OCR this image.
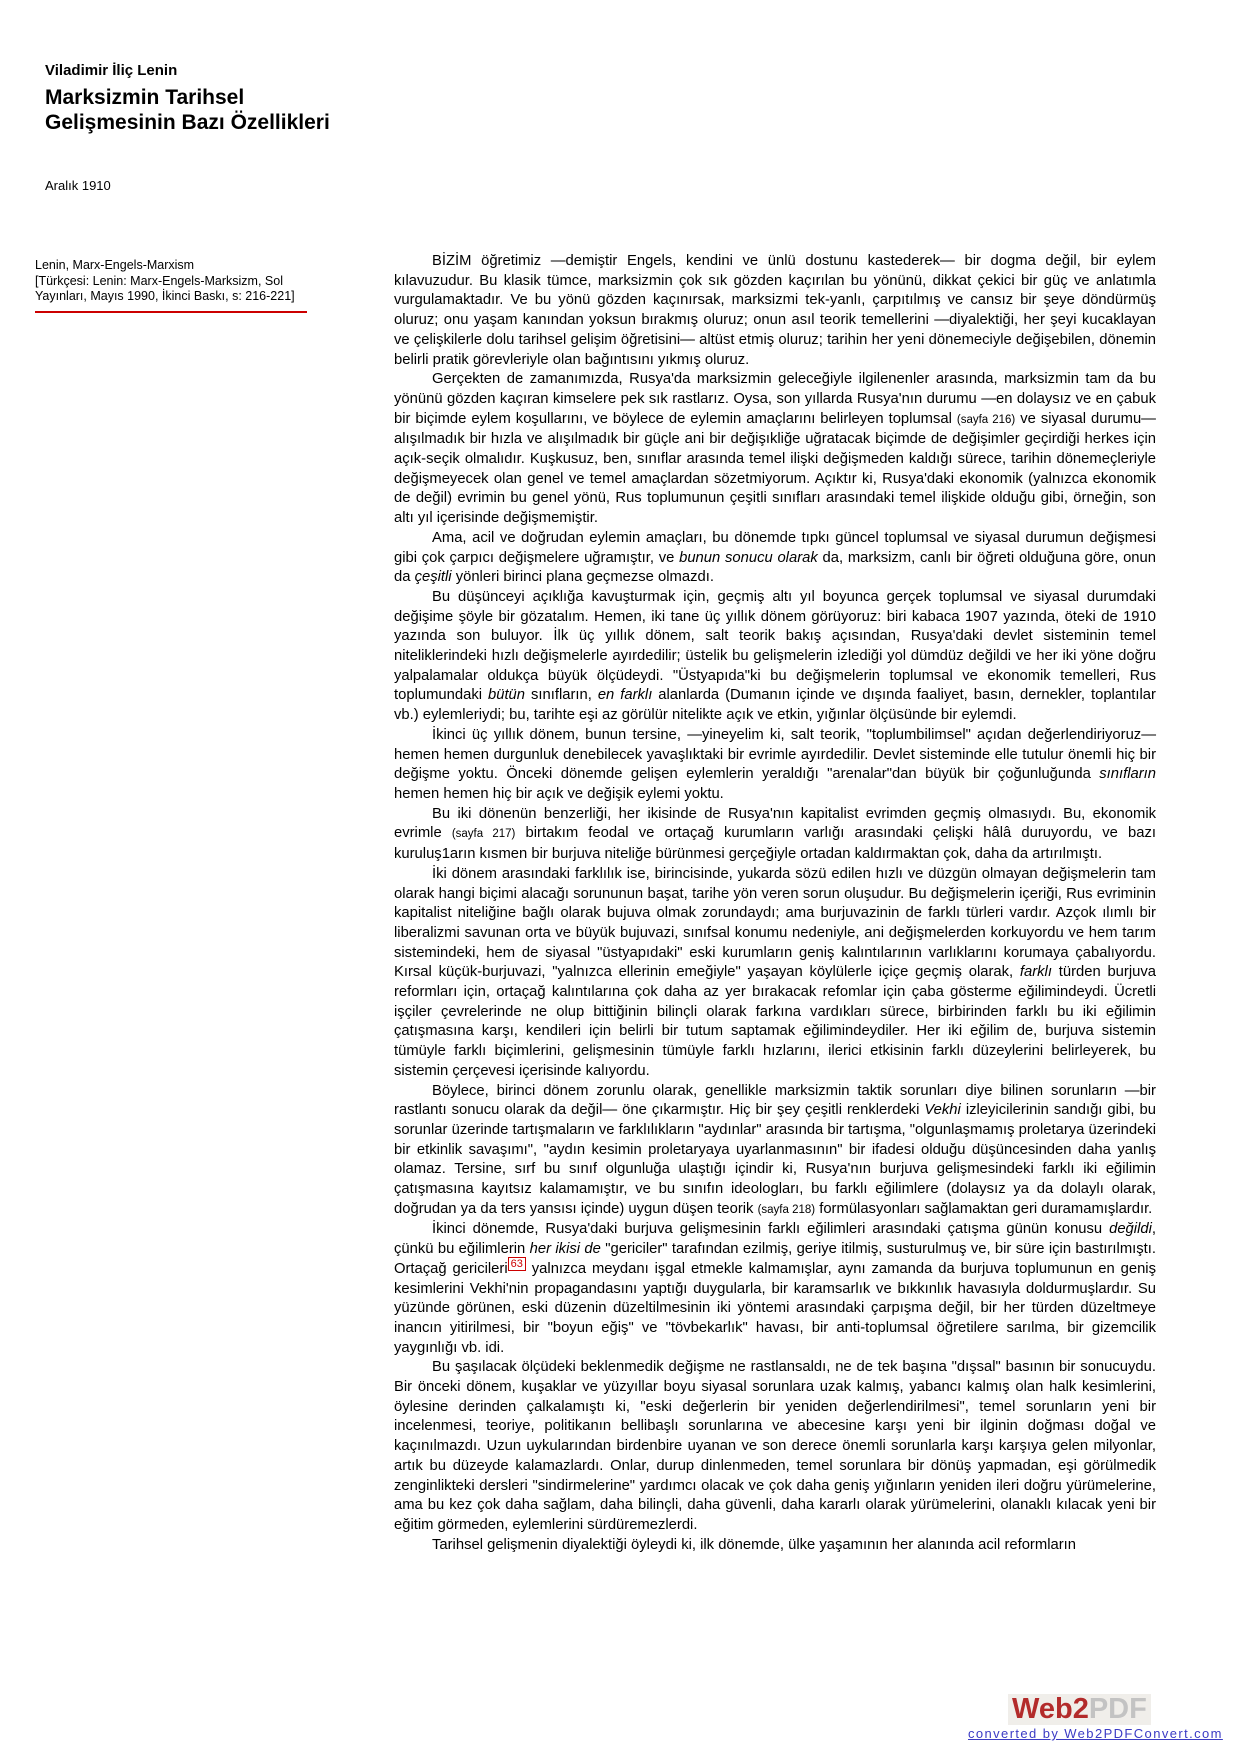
Viladimir İliç Lenin
Marksizmin Tarihsel
Gelişmesinin Bazı Özellikleri
Aralık 1910
Lenin, Marx-Engels-Marxism
[Türkçesi: Lenin: Marx-Engels-Marksizm, Sol
Yayınları, Mayıs 1990, İkinci Baskı, s: 216-221]

BİZİM öğretimiz —demiştir Engels, kendini ve ünlü dostunu kastederek— bir dogma değil, bir eylem kılavuzudur. Bu klasik tümce, marksizmin çok sık gözden kaçırılan bu yönünü, dikkat çekici bir güç ve anlatımla vurgulamaktadır. Ve bu yönü gözden kaçınırsak, marksizmi tek-yanlı, çarpıtılmış ve cansız bir şeye döndürmüş oluruz; onu yaşam kanından yoksun bırakmış oluruz; onun asıl teorik temellerini —diyalektiği, her şeyi kucaklayan ve çelişkilerle dolu tarihsel gelişim öğretisini— altüst etmiş oluruz; tarihin her yeni dönemeciyle değişebilen, dönemin belirli pratik görevleriyle olan bağıntısını yıkmış oluruz.

Gerçekten de zamanımızda, Rusya'da marksizmin geleceğiyle ilgilenenler arasında, marksizmin tam da bu yönünü gözden kaçıran kimselere pek sık rastlarız. Oysa, son yıllarda Rusya'nın durumu —en dolaysız ve en çabuk bir biçimde eylem koşullarını, ve böylece de eylemin amaçlarını belirleyen toplumsal (sayfa 216) ve siyasal durumu— alışılmadık bir hızla ve alışılmadık bir güçle ani bir değişıkliğe uğratacak biçimde de değişimler geçirdiği herkes için açık-seçik olmalıdır. Kuşkusuz, ben, sınıflar arasında temel ilişki değişmeden kaldığı sürece, tarihin dönemeçleriyle değişmeyecek olan genel ve temel amaçlardan sözetmiyorum. Açıktır ki, Rusya'daki ekonomik (yalnızca ekonomik de değil) evrimin bu genel yönü, Rus toplumunun çeşitli sınıfları arasındaki temel ilişkide olduğu gibi, örneğin, son altı yıl içerisinde değişmemiştir.

Ama, acil ve doğrudan eylemin amaçları, bu dönemde tıpkı güncel toplumsal ve siyasal durumun değişmesi gibi çok çarpıcı değişmelere uğramıştır, ve bunun sonucu olarak da, marksizm, canlı bir öğreti olduğuna göre, onun da çeşitli yönleri birinci plana geçmezse olmazdı.

Bu düşünceyi açıklığa kavuşturmak için, geçmiş altı yıl boyunca gerçek toplumsal ve siyasal durumdaki değişime şöyle bir gözatalım. Hemen, iki tane üç yıllık dönem görüyoruz: biri kabaca 1907 yazında, öteki de 1910 yazında son buluyor. İlk üç yıllık dönem, salt teorik bakış açısından, Rusya'daki devlet sisteminin temel niteliklerindeki hızlı değişmelerle ayırdedilir; üstelik bu gelişmelerin izlediği yol dümdüz değildi ve her iki yöne doğru yalpalamalar oldukça büyük ölçüdeydi. "Üstyapıda"ki bu değişmelerin toplumsal ve ekonomik temelleri, Rus toplumundaki bütün sınıfların, en farklı alanlarda (Dumanın içinde ve dışında faaliyet, basın, dernekler, toplantılar vb.) eylemleriydi; bu, tarihte eşi az görülür nitelikte açık ve etkin, yığınlar ölçüsünde bir eylemdi.

İkinci üç yıllık dönem, bunun tersine, —yineyelim ki, salt teorik, "toplumbilimsel" açıdan değerlendiriyoruz— hemen hemen durgunluk denebilecek yavaşlıktaki bir evrimle ayırdedilir. Devlet sisteminde elle tutulur önemli hiç bir değişme yoktu. Önceki dönemde gelişen eylemlerin yeraldığı "arenalar"dan büyük bir çoğunluğunda sınıfların hemen hemen hiç bir açık ve değişik eylemi yoktu.

Bu iki dönenün benzerliği, her ikisinde de Rusya'nın kapitalist evrimden geçmiş olmasıydı. Bu, ekonomik evrimle (sayfa 217) birtakım feodal ve ortaçağ kurumların varlığı arasındaki çelişki hâlâ duruyordu, ve bazı kuruluş1arın kısmen bir burjuva niteliğe bürünmesi gerçeğiyle ortadan kaldırmaktan çok, daha da artırılmıştı.

İki dönem arasındaki farklılık ise, birincisinde, yukarda sözü edilen hızlı ve düzgün olmayan değişmelerin tam olarak hangi biçimi alacağı sorununun başat, tarihe yön veren sorun oluşudur. Bu değişmelerin içeriği, Rus evriminin kapitalist niteliğine bağlı olarak bujuva olmak zorundaydı; ama burjuvazinin de farklı türleri vardır. Azçok ılımlı bir liberalizmi savunan orta ve büyük bujuvazi, sınıfsal konumu nedeniyle, ani değişmelerden korkuyordu ve hem tarım sistemindeki, hem de siyasal "üstyapıdaki" eski kurumların geniş kalıntılarının varlıklarını korumaya çabalıyordu. Kırsal küçük-burjuvazi, "yalnızca ellerinin emeğiyle" yaşayan köylülerle içiçe geçmiş olarak, farklı türden burjuva reformları için, ortaçağ kalıntılarına çok daha az yer bırakacak refomlar için çaba gösterme eğilimindeydi. Ücretli işçiler çevrelerinde ne olup bittiğinin bilinçli olarak farkına vardıkları sürece, birbirinden farklı bu iki eğilimin çatışmasına karşı, kendileri için belirli bir tutum saptamak eğilimindeydiler. Her iki eğilim de, burjuva sistemin tümüyle farklı biçimlerini, gelişmesinin tümüyle farklı hızlarını, ilerici etkisinin farklı düzeylerini belirleyerek, bu sistemin çerçevesi içerisinde kalıyordu.

Böylece, birinci dönem zorunlu olarak, genellikle marksizmin taktik sorunları diye bilinen sorunların —bir rastlantı sonucu olarak da değil— öne çıkarmıştır. Hiç bir şey çeşitli renklerdeki Vekhi izleyicilerinin sandığı gibi, bu sorunlar üzerinde tartışmaların ve farklılıkların "aydınlar" arasında bir tartışma, "olgunlaşmamış proletarya üzerindeki bir etkinlik savaşımı", "aydın kesimin proletaryaya uyarlanmasının" bir ifadesi olduğu düşüncesinden daha yanlış olamaz. Tersine, sırf bu sınıf olgunluğa ulaştığı içindir ki, Rusya'nın burjuva gelişmesindeki farklı iki eğilimin çatışmasına kayıtsız kalamamıştır, ve bu sınıfın ideologları, bu farklı eğilimlere (dolaysız ya da dolaylı olarak, doğrudan ya da ters yansısı içinde) uygun düşen teorik (sayfa 218) formülasyonları sağlamaktan geri duramamışlardır.

İkinci dönemde, Rusya'daki burjuva gelişmesinin farklı eğilimleri arasındaki çatışma günün konusu değildi, çünkü bu eğilimlerin her ikisi de "gericiler" tarafından ezilmiş, geriye itilmiş, susturulmuş ve, bir süre için bastırılmıştı. Ortaçağ gericileri $^{63}$ yalnızca meydanı işgal etmekle kalmamışlar, aynı zamanda da burjuva toplumunun en geniş kesimlerini Vekhi'nin propagandasını yaptığı duygularla, bir karamsarlık ve bıkkınlık havasıyla doldurmuşlardır. Su yüzünde görünen, eski düzenin düzeltilmesinin iki yöntemi arasındaki çarpışma değil, bir her türden düzeltmeye inancın yitirilmesi, bir "boyun eğiş" ve "tövbekarlık" havası, bir anti-toplumsal öğretilere sarılma, bir gizemcilik yaygınlığı vb. idi.

Bu şaşılacak ölçüdeki beklenmedik değişme ne rastlansaldı, ne de tek başına "dışsal" basının bir sonucuydu. Bir önceki dönem, kuşaklar ve yüzyıllar boyu siyasal sorunlara uzak kalmış, yabancı kalmış olan halk kesimlerini, öylesine derinden çalkalamıştı ki, "eski değerlerin bir yeniden değerlendirilmesi", temel sorunların yeni bir incelenmesi, teoriye, politikanın bellibaşlı sorunlarına ve abecesine karşı yeni bir ilginin doğması doğal ve kaçınılmazdı. Uzun uykularından birdenbire uyanan ve son derece önemli sorunlarla karşı karşıya gelen milyonlar, artık bu düzeyde kalamazlardı. Onlar, durup dinlenmeden, temel sorunlara bir dönüş yapmadan, eşi görülmedik zenginlikteki dersleri "sindirmelerine" yardımcı olacak ve çok daha geniş yığınların yeniden ileri doğru yürümelerine, ama bu kez çok daha sağlam, daha bilinçli, daha güvenli, daha kararlı olarak yürümelerini, olanaklı kılacak yeni bir eğitim görmeden, eylemlerini sürdüremezlerdi.

Tarihsel gelişmenin diyalektiği öyleydi ki, ilk dönemde, ülke yaşamının her alanında acil reformların

Web2PDF
converted by Web2PDFConvert.com
